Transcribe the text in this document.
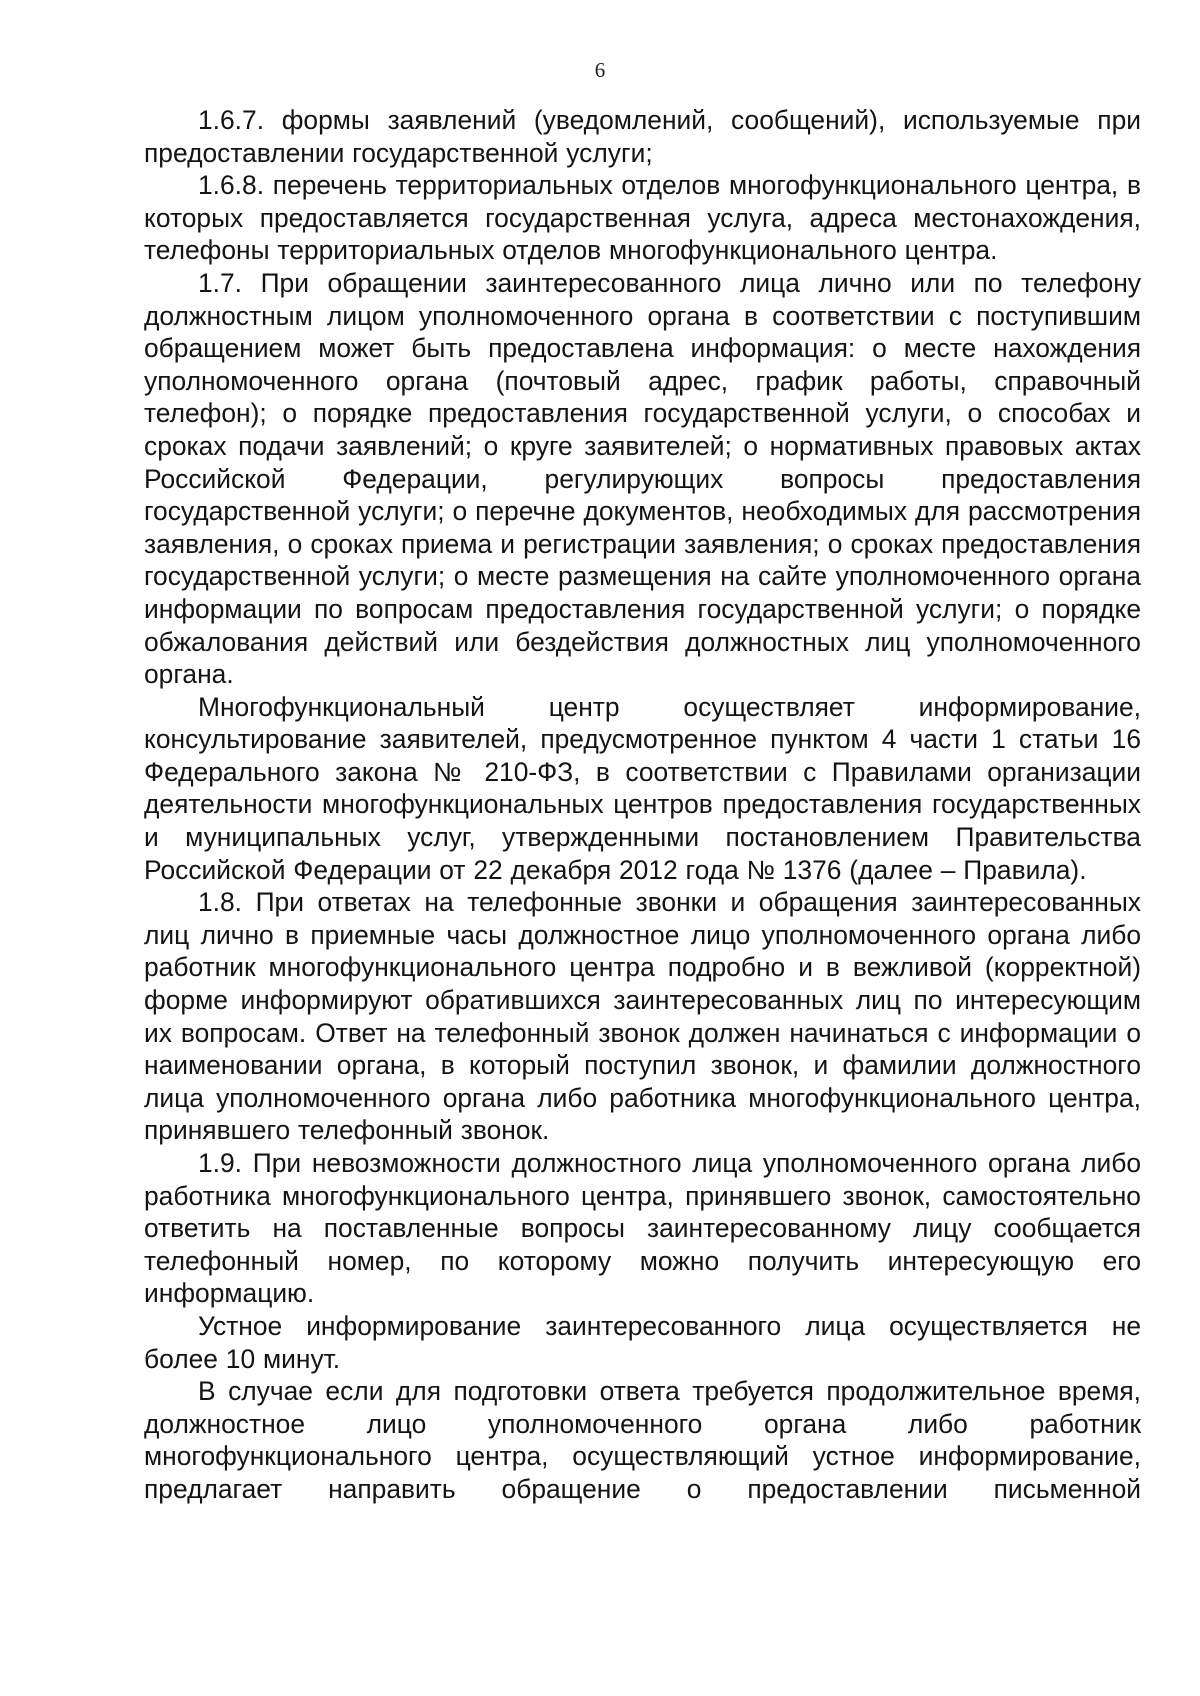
6

1.6.7. формы заявлений (уведомлений, сообщений), используемые при предоставлении государственной услуги;

1.6.8. перечень территориальных отделов многофункционального центра, в которых предоставляется государственная услуга, адреса местонахождения, телефоны территориальных отделов многофункционального центра.

1.7. При обращении заинтересованного лица лично или по телефону должностным лицом уполномоченного органа в соответствии с поступившим обращением может быть предоставлена информация: о месте нахождения уполномоченного органа (почтовый адрес, график работы, справочный телефон); о порядке предоставления государственной услуги, о способах и сроках подачи заявлений; о круге заявителей; о нормативных правовых актах Российской Федерации, регулирующих вопросы предоставления государственной услуги; о перечне документов, необходимых для рассмотрения заявления, о сроках приема и регистрации заявления; о сроках предоставления государственной услуги; о месте размещения на сайте уполномоченного органа информации по вопросам предоставления государственной услуги; о порядке обжалования действий или бездействия должностных лиц уполномоченного органа.

Многофункциональный центр осуществляет информирование, консультирование заявителей, предусмотренное пунктом 4 части 1 статьи 16 Федерального закона № 210-ФЗ, в соответствии с Правилами организации деятельности многофункциональных центров предоставления государственных и муниципальных услуг, утвержденными постановлением Правительства Российской Федерации от 22 декабря 2012 года № 1376 (далее – Правила).

1.8. При ответах на телефонные звонки и обращения заинтересованных лиц лично в приемные часы должностное лицо уполномоченного органа либо работник многофункционального центра подробно и в вежливой (корректной) форме информируют обратившихся заинтересованных лиц по интересующим их вопросам. Ответ на телефонный звонок должен начинаться с информации о наименовании органа, в который поступил звонок, и фамилии должностного лица уполномоченного органа либо работника многофункционального центра, принявшего телефонный звонок.

1.9. При невозможности должностного лица уполномоченного органа либо работника многофункционального центра, принявшего звонок, самостоятельно ответить на поставленные вопросы заинтересованному лицу сообщается телефонный номер, по которому можно получить интересующую его информацию.

Устное информирование заинтересованного лица осуществляется не более 10 минут.

В случае если для подготовки ответа требуется продолжительное время, должностное лицо уполномоченного органа либо работник многофункционального центра, осуществляющий устное информирование, предлагает направить обращение о предоставлении письменной
